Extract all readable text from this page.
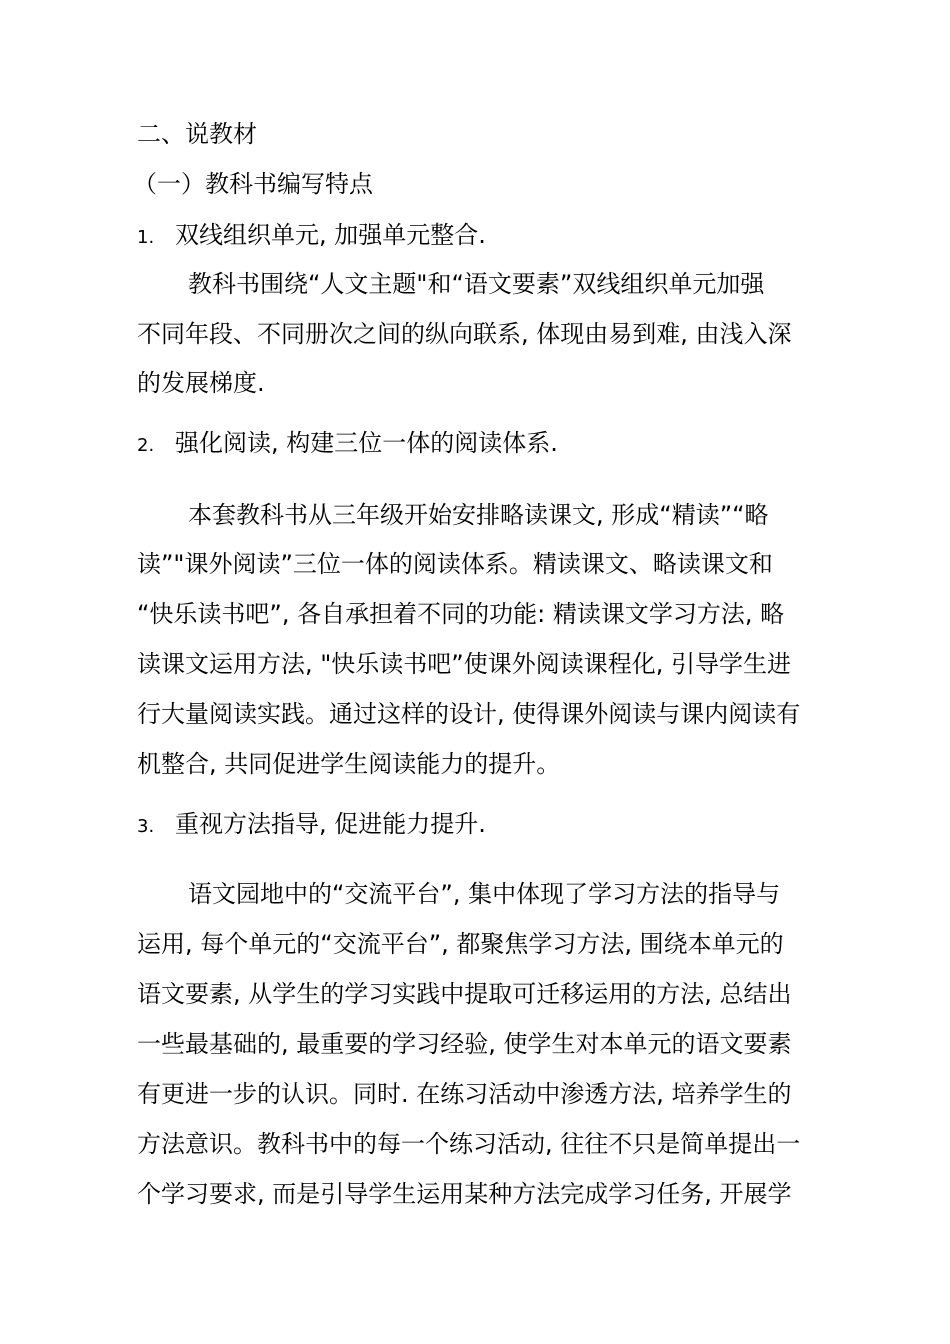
二、说教材
（一）教科书编写特点
1. 双线组织单元, 加强单元整合.
教科书围绕“人文主题"和“语文要素”双线组织单元加强
不同年段、不同册次之间的纵向联系, 体现由易到难, 由浅入深
的发展梯度.
2. 强化阅读, 构建三位一体的阅读体系.
本套教科书从三年级开始安排略读课文, 形成“精读”“略
读”"课外阅读”三位一体的阅读体系。精读课文、略读课文和
“快乐读书吧”, 各自承担着不同的功能: 精读课文学习方法, 略
读课文运用方法, "快乐读书吧”使课外阅读课程化, 引导学生进
行大量阅读实践。通过这样的设计, 使得课外阅读与课内阅读有
机整合, 共同促进学生阅读能力的提升。
3. 重视方法指导, 促进能力提升.
语文园地中的“交流平台”, 集中体现了学习方法的指导与
运用, 每个单元的“交流平台”, 都聚焦学习方法, 围绕本单元的
语文要素, 从学生的学习实践中提取可迁移运用的方法, 总结出
一些最基础的, 最重要的学习经验, 使学生对本单元的语文要素
有更进一步的认识。同时. 在练习活动中渗透方法, 培养学生的
方法意识。教科书中的每一个练习活动, 往往不只是简单提出一
个学习要求, 而是引导学生运用某种方法完成学习任务, 开展学
